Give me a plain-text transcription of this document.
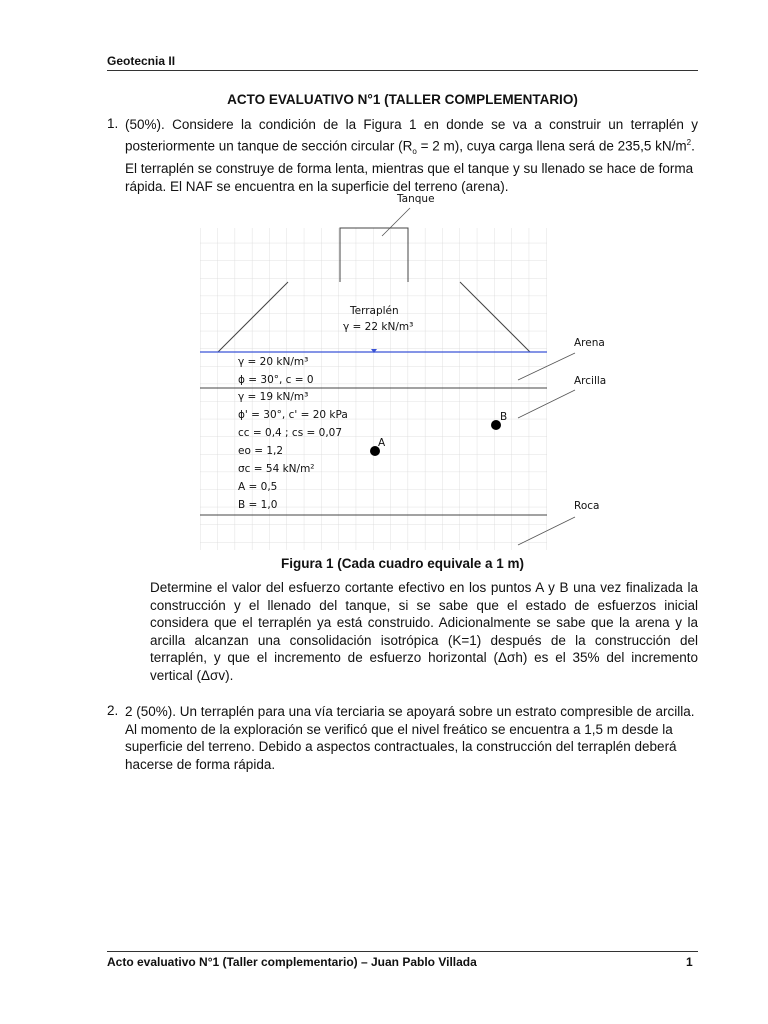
Geotecnia II
ACTO EVALUATIVO N°1 (TALLER COMPLEMENTARIO)
1. (50%). Considere la condición de la Figura 1 en donde se va a construir un terraplén y
posteriormente un tanque de sección circular ($R_o = 2$ m), cuya carga llena será de 235,5 $kN/m^2$.
El terraplén se construye de forma lenta, mientras que el tanque y su llenado se hace de forma
rápida. El NAF se encuentra en la superficie del terreno (arena).
Tanque
Terraplén
γ = 22 kN/m³
Arena
Arcilla
Roca
γ = 20 kN/m³
ϕ = 30°, c = 0
γ = 19 kN/m³
ϕ' = 30°, c' = 20 kPa
cc = 0,4 ; cs = 0,07
eo = 1,2
σc = 54 kN/m²
A = 0,5
B = 1,0
A
B
Figura 1 (Cada cuadro equivale a 1 m)
Determine el valor del esfuerzo cortante efectivo en los puntos A y B una vez finalizada la
construcción y el llenado del tanque, si se sabe que el estado de esfuerzos inicial
considera que el terraplén ya está construido. Adicionalmente se sabe que la arena y la
arcilla alcanzan una consolidación isotrópica (K=1) después de la construcción del
terraplén, y que el incremento de esfuerzo horizontal (Δσh) es el 35% del incremento
vertical (Δσv).
2. 2 (50%). Un terraplén para una vía terciaria se apoyará sobre un estrato compresible de arcilla.
Al momento de la exploración se verificó que el nivel freático se encuentra a 1,5 m desde la
superficie del terreno. Debido a aspectos contractuales, la construcción del terraplén deberá
hacerse de forma rápida.
Acto evaluativo N°1 (Taller complementario) – Juan Pablo Villada	1
